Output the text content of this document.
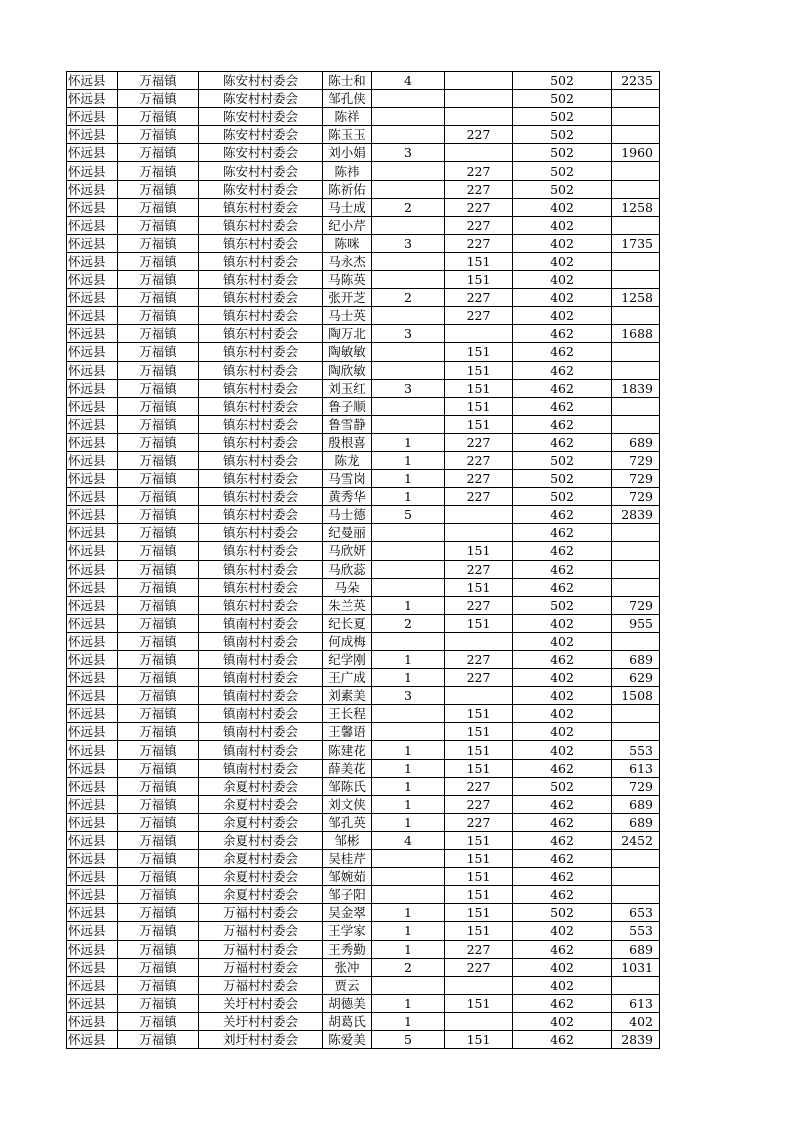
怀远县	万福镇	陈安村村委会	陈士和	4		502	2235
怀远县	万福镇	陈安村村委会	邹孔侠			502	
怀远县	万福镇	陈安村村委会	陈祥			502	
怀远县	万福镇	陈安村村委会	陈玉玉		227	502	
怀远县	万福镇	陈安村村委会	刘小娟	3		502	1960
怀远县	万福镇	陈安村村委会	陈祎		227	502	
怀远县	万福镇	陈安村村委会	陈祈佑		227	502	
怀远县	万福镇	镇东村村委会	马士成	2	227	402	1258
怀远县	万福镇	镇东村村委会	纪小芹		227	402	
怀远县	万福镇	镇东村村委会	陈咪	3	227	402	1735
怀远县	万福镇	镇东村村委会	马永杰		151	402	
怀远县	万福镇	镇东村村委会	马陈英		151	402	
怀远县	万福镇	镇东村村委会	张开芝	2	227	402	1258
怀远县	万福镇	镇东村村委会	马士英		227	402	
怀远县	万福镇	镇东村村委会	陶万北	3		462	1688
怀远县	万福镇	镇东村村委会	陶敏敏		151	462	
怀远县	万福镇	镇东村村委会	陶欣敏		151	462	
怀远县	万福镇	镇东村村委会	刘玉红	3	151	462	1839
怀远县	万福镇	镇东村村委会	鲁子顺		151	462	
怀远县	万福镇	镇东村村委会	鲁雪静		151	462	
怀远县	万福镇	镇东村村委会	殷根喜	1	227	462	689
怀远县	万福镇	镇东村村委会	陈龙	1	227	502	729
怀远县	万福镇	镇东村村委会	马雪岗	1	227	502	729
怀远县	万福镇	镇东村村委会	黄秀华	1	227	502	729
怀远县	万福镇	镇东村村委会	马士德	5		462	2839
怀远县	万福镇	镇东村村委会	纪曼丽			462	
怀远县	万福镇	镇东村村委会	马欣妍		151	462	
怀远县	万福镇	镇东村村委会	马欣蕊		227	462	
怀远县	万福镇	镇东村村委会	马朵		151	462	
怀远县	万福镇	镇东村村委会	朱兰英	1	227	502	729
怀远县	万福镇	镇南村村委会	纪长夏	2	151	402	955
怀远县	万福镇	镇南村村委会	何成梅			402	
怀远县	万福镇	镇南村村委会	纪学刚	1	227	462	689
怀远县	万福镇	镇南村村委会	王广成	1	227	402	629
怀远县	万福镇	镇南村村委会	刘素美	3		402	1508
怀远县	万福镇	镇南村村委会	王长程		151	402	
怀远县	万福镇	镇南村村委会	王馨语		151	402	
怀远县	万福镇	镇南村村委会	陈建花	1	151	402	553
怀远县	万福镇	镇南村村委会	薛美花	1	151	462	613
怀远县	万福镇	余夏村村委会	邹陈氏	1	227	502	729
怀远县	万福镇	余夏村村委会	刘文侠	1	227	462	689
怀远县	万福镇	余夏村村委会	邹孔英	1	227	462	689
怀远县	万福镇	余夏村村委会	邹彬	4	151	462	2452
怀远县	万福镇	余夏村村委会	吴桂芹		151	462	
怀远县	万福镇	余夏村村委会	邹婉茹		151	462	
怀远县	万福镇	余夏村村委会	邹子阳		151	462	
怀远县	万福镇	万福村村委会	吴金翠	1	151	502	653
怀远县	万福镇	万福村村委会	王学家	1	151	402	553
怀远县	万福镇	万福村村委会	王秀勤	1	227	462	689
怀远县	万福镇	万福村村委会	张冲	2	227	402	1031
怀远县	万福镇	万福村村委会	贾云			402	
怀远县	万福镇	关圩村村委会	胡德美	1	151	462	613
怀远县	万福镇	关圩村村委会	胡葛氏	1		402	402
怀远县	万福镇	刘圩村村委会	陈爱美	5	151	462	2839
